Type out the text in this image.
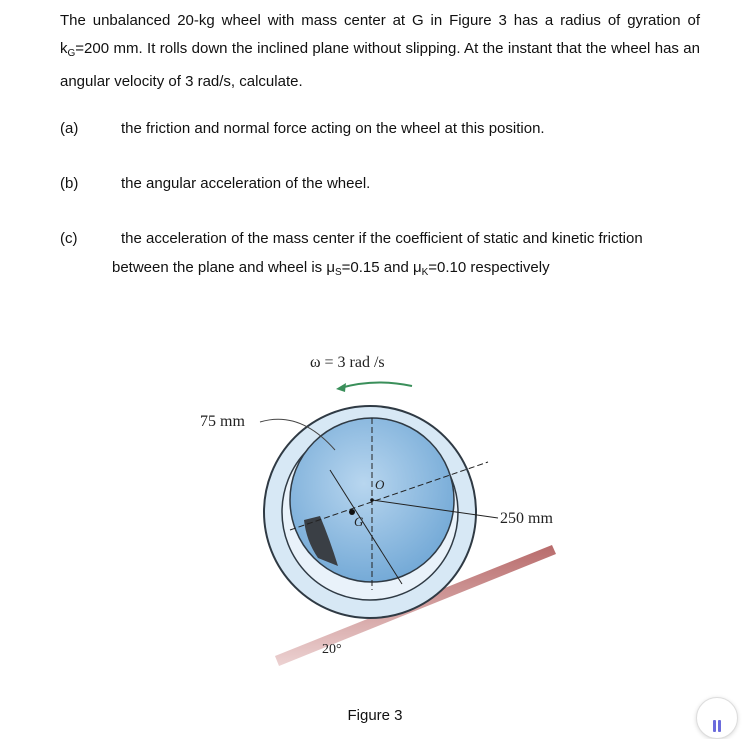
The unbalanced 20-kg wheel with mass center at G in Figure 3 has a radius of gyration of $k_G=200$ mm. It rolls down the inclined plane without slipping. At the instant that the wheel has an angular velocity of 3 rad/s, calculate.
(a)	the friction and normal force acting on the wheel at this position.
(b)	the angular acceleration of the wheel.
(c)	the acceleration of the mass center if the coefficient of static and kinetic friction
between the plane and wheel is $\mu_S=0.15$ and $\mu_K=0.10$ respectively
ω = 3 rad /s
75 mm
250 mm
20°
O
G
Figure 3
